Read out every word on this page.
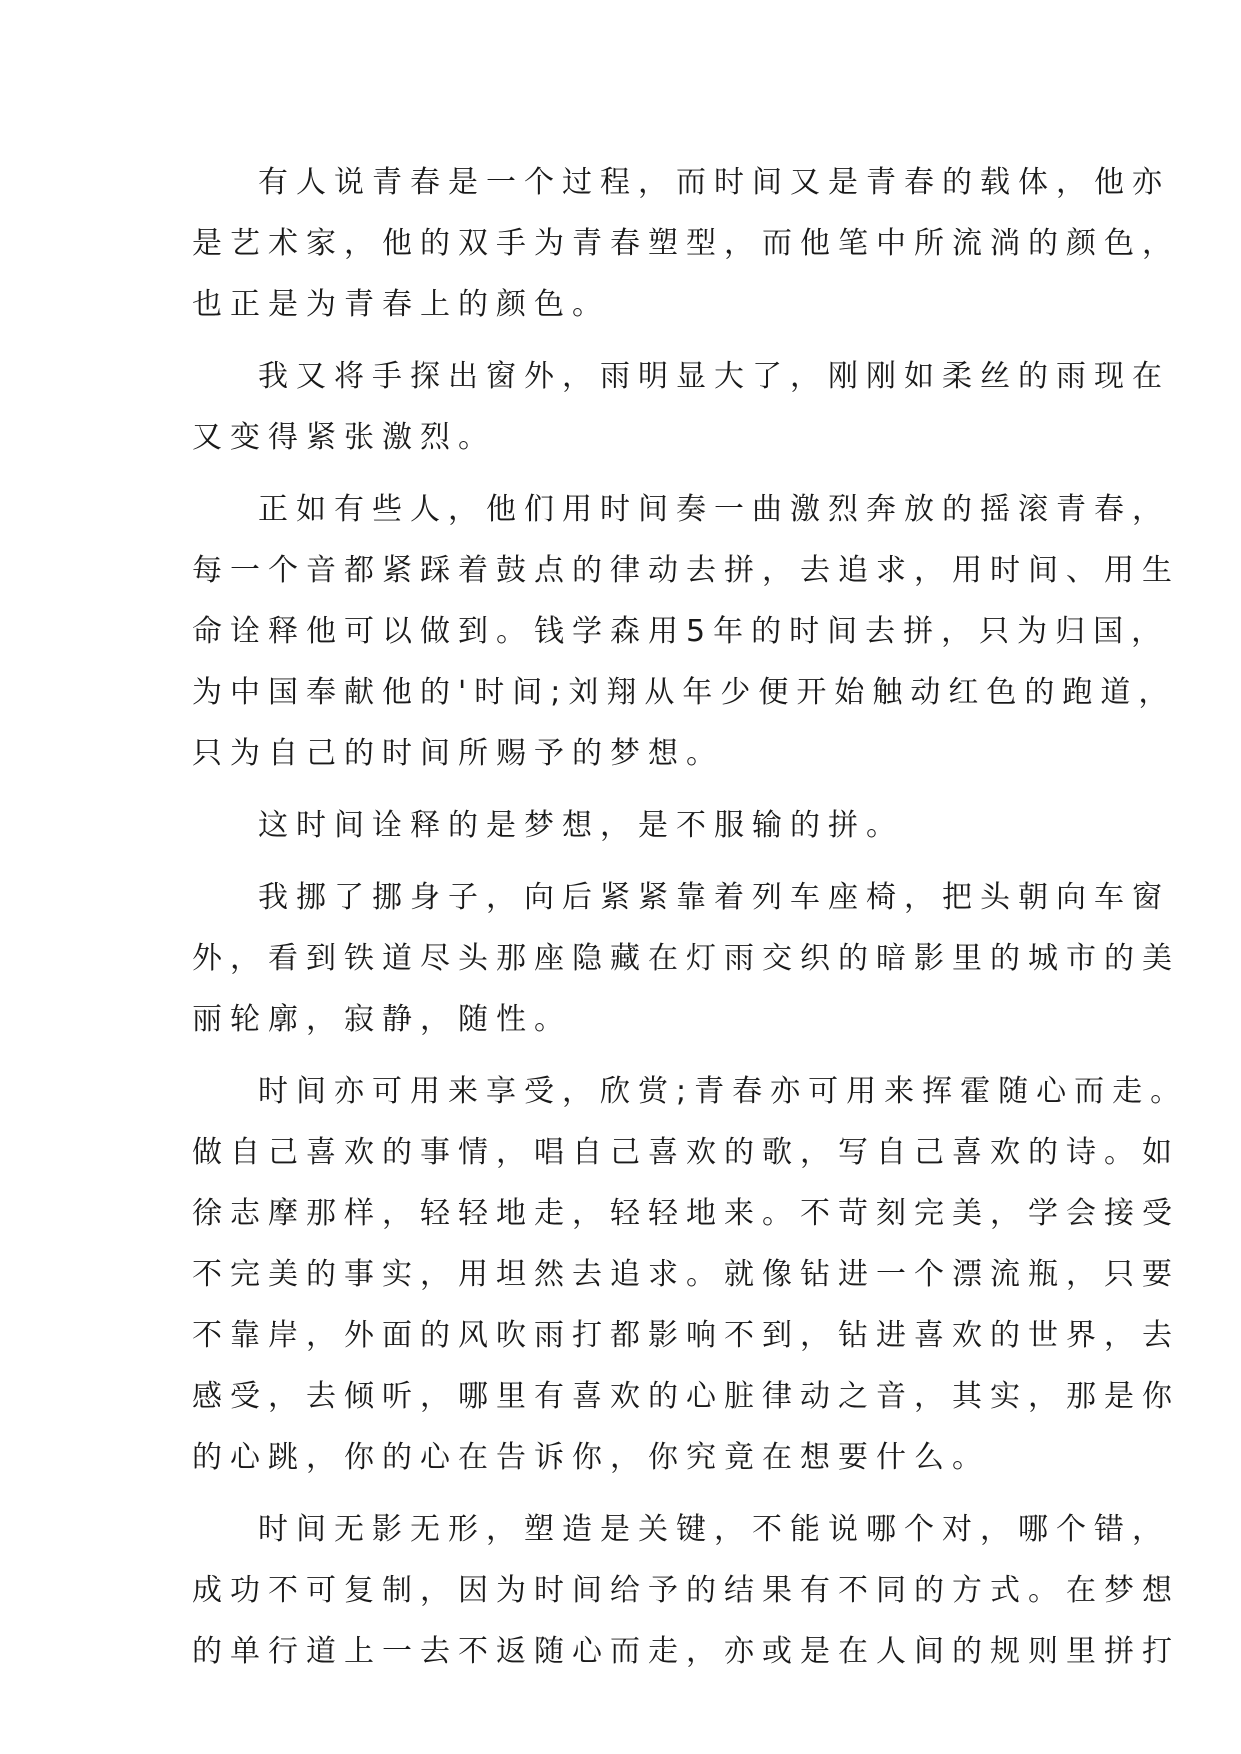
有人说青春是一个过程，而时间又是青春的载体，他亦
是艺术家，他的双手为青春塑型，而他笔中所流淌的颜色，
也正是为青春上的颜色。
我又将手探出窗外，雨明显大了，刚刚如柔丝的雨现在
又变得紧张激烈。
正如有些人，他们用时间奏一曲激烈奔放的摇滚青春，
每一个音都紧踩着鼓点的律动去拼，去追求，用时间、用生
命诠释他可以做到。钱学森用5年的时间去拼，只为归国，
为中国奉献他的'时间;刘翔从年少便开始触动红色的跑道，
只为自己的时间所赐予的梦想。
这时间诠释的是梦想，是不服输的拼。
我挪了挪身子，向后紧紧靠着列车座椅，把头朝向车窗
外，看到铁道尽头那座隐藏在灯雨交织的暗影里的城市的美
丽轮廓，寂静，随性。
时间亦可用来享受，欣赏;青春亦可用来挥霍随心而走。
做自己喜欢的事情，唱自己喜欢的歌，写自己喜欢的诗。如
徐志摩那样，轻轻地走，轻轻地来。不苛刻完美，学会接受
不完美的事实，用坦然去追求。就像钻进一个漂流瓶，只要
不靠岸，外面的风吹雨打都影响不到，钻进喜欢的世界，去
感受，去倾听，哪里有喜欢的心脏律动之音，其实，那是你
的心跳，你的心在告诉你，你究竟在想要什么。
时间无影无形，塑造是关键，不能说哪个对，哪个错，
成功不可复制，因为时间给予的结果有不同的方式。在梦想
的单行道上一去不返随心而走，亦或是在人间的规则里拼打
